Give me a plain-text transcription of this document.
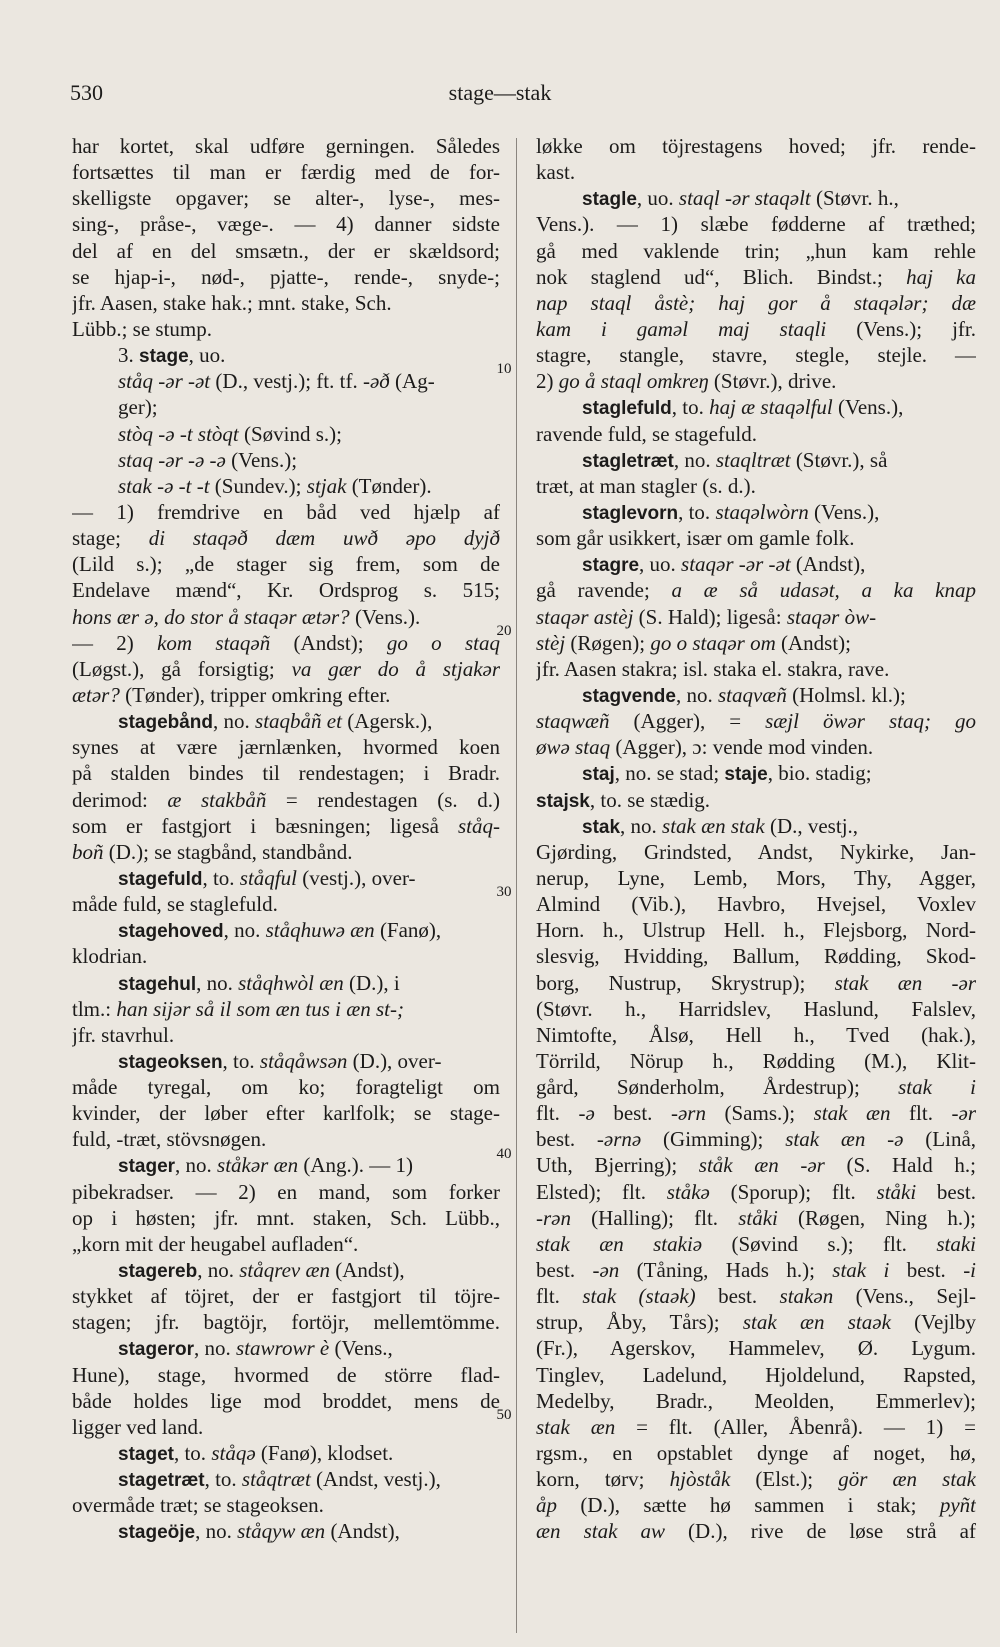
530	stage—stak
har kortet, skal udføre gerningen. Således
fortsættes til man er færdig med de for-
skelligste opgaver; se alter-, lyse-, mes-
sing-, pråse-, væge-. — 4) danner sidste
del af en del smsætn., der er skældsord;
se hjap-i-, nød-, pjatte-, rende-, snyde-;
jfr. Aasen, stake hak.; mnt. stake, Sch.
Lübb.; se stump.
3. stage, uo.
ståq -ər -ət (D., vestj.); ft. tf. -əð (Ag-
ger);
stòq -ə -t stòqt (Søvind s.);
staq -ər -ə -ə (Vens.);
stak -ə -t -t (Sundev.); stjak (Tønder).
— 1) fremdrive en båd ved hjælp af
stage; di staqəð dæm uwð əpo dyjð
(Lild s.); „de stager sig frem, som de
Endelave mænd“, Kr. Ordsprog s. 515;
hons ær ə, do stor å staqər ætər? (Vens.).
— 2) kom staqəñ (Andst); go o staq
(Løgst.), gå forsigtig; va gær do å stjakər
ætər? (Tønder), tripper omkring efter.
stagebånd, no. staqbåñ et (Agersk.),
synes at være jærnlænken, hvormed koen
på stalden bindes til rendestagen; i Bradr.
derimod: æ stakbåñ = rendestagen (s. d.)
som er fastgjort i bæsningen; ligeså ståq-
boñ (D.); se stagbånd, standbånd.
stagefuld, to. ståqful (vestj.), over-
måde fuld, se staglefuld.
stagehoved, no. ståqhuwə æn (Fanø),
klodrian.
stagehul, no. ståqhwòl æn (D.), i
tlm.: han sijər så il som æn tus i æn st-;
jfr. stavrhul.
stageoksen, to. ståqåwsən (D.), over-
måde tyregal, om ko; foragteligt om
kvinder, der løber efter karlfolk; se stage-
fuld, -træt, stövsnøgen.
stager, no. ståkər æn (Ang.). — 1)
pibekradser. — 2) en mand, som forker
op i høsten; jfr. mnt. staken, Sch. Lübb.,
„korn mit der heugabel aufladen“.
stagereb, no. ståqrev æn (Andst),
stykket af töjret, der er fastgjort til töjre-
stagen; jfr. bagtöjr, fortöjr, mellemtömme.
stageror, no. stawrowr è (Vens.,
Hune), stage, hvormed de större flad-
både holdes lige mod broddet, mens de
ligger ved land.
staget, to. ståqə (Fanø), klodset.
stagetræt, to. ståqtræt (Andst, vestj.),
overmåde træt; se stageoksen.
stageöje, no. ståqyw æn (Andst),
løkke om töjrestagens hoved; jfr. rende-
kast.
stagle, uo. staql -ər staqəlt (Støvr. h.,
Vens.). — 1) slæbe fødderne af træthed;
gå med vaklende trin; „hun kam rehle
nok staglend ud“, Blich. Bindst.; haj ka
nap staql åstè; haj gor å staqələr; dæ
kam i gaməl maj staqli (Vens.); jfr.
stagre, stangle, stavre, stegle, stejle. —
2) go å staql omkreŋ (Støvr.), drive.
staglefuld, to. haj æ staqəlful (Vens.),
ravende fuld, se stagefuld.
stagletræt, no. staqltræt (Støvr.), så
træt, at man stagler (s. d.).
staglevorn, to. staqəlwòrn (Vens.),
som går usikkert, især om gamle folk.
stagre, uo. staqər -ər -ət (Andst),
gå ravende; a æ så udasət, a ka knap
staqər astèj (S. Hald); ligeså: staqər òw-
stèj (Røgen); go o staqər om (Andst);
jfr. Aasen stakra; isl. staka el. stakra, rave.
stagvende, no. staqvæñ (Holmsl. kl.);
staqwæñ (Agger), = sæjl öwər staq; go
øwə staq (Agger), ɔ: vende mod vinden.
staj, no. se stad; staje, bio. stadig;
stajsk, to. se stædig.
stak, no. stak æn stak (D., vestj.,
Gjørding, Grindsted, Andst, Nykirke, Jan-
nerup, Lyne, Lemb, Mors, Thy, Agger,
Almind (Vib.), Havbro, Hvejsel, Voxlev
Horn. h., Ulstrup Hell. h., Flejsborg, Nord-
slesvig, Hvidding, Ballum, Rødding, Skod-
borg, Nustrup, Skrystrup); stak æn -ər
(Støvr. h., Harridslev, Haslund, Falslev,
Nimtofte, Ålsø, Hell h., Tved (hak.),
Törrild, Nörup h., Rødding (M.), Klit-
gård, Sønderholm, Årdestrup); stak i
flt. -ə best. -ərn (Sams.); stak æn flt. -ər
best. -ərnə (Gimming); stak æn -ə (Linå,
Uth, Bjerring); ståk æn -ər (S. Hald h.;
Elsted); flt. ståkə (Sporup); flt. ståki best.
-rən (Halling); flt. ståki (Røgen, Ning h.);
stak æn stakiə (Søvind s.); flt. staki
best. -ən (Tåning, Hads h.); stak i best. -i
flt. stak (staək) best. stakən (Vens., Sejl-
strup, Åby, Tårs); stak æn staək (Vejlby
(Fr.), Agerskov, Hammelev, Ø. Lygum.
Tinglev, Ladelund, Hjoldelund, Rapsted,
Medelby, Bradr., Meolden, Emmerlev);
stak æn = flt. (Aller, Åbenrå). — 1) =
rgsm., en opstablet dynge af noget, hø,
korn, tørv; hjòståk (Elst.); gör æn stak
åp (D.), sætte hø sammen i stak; pyñt
æn stak aw (D.), rive de løse strå af
10
20
30
40
50
